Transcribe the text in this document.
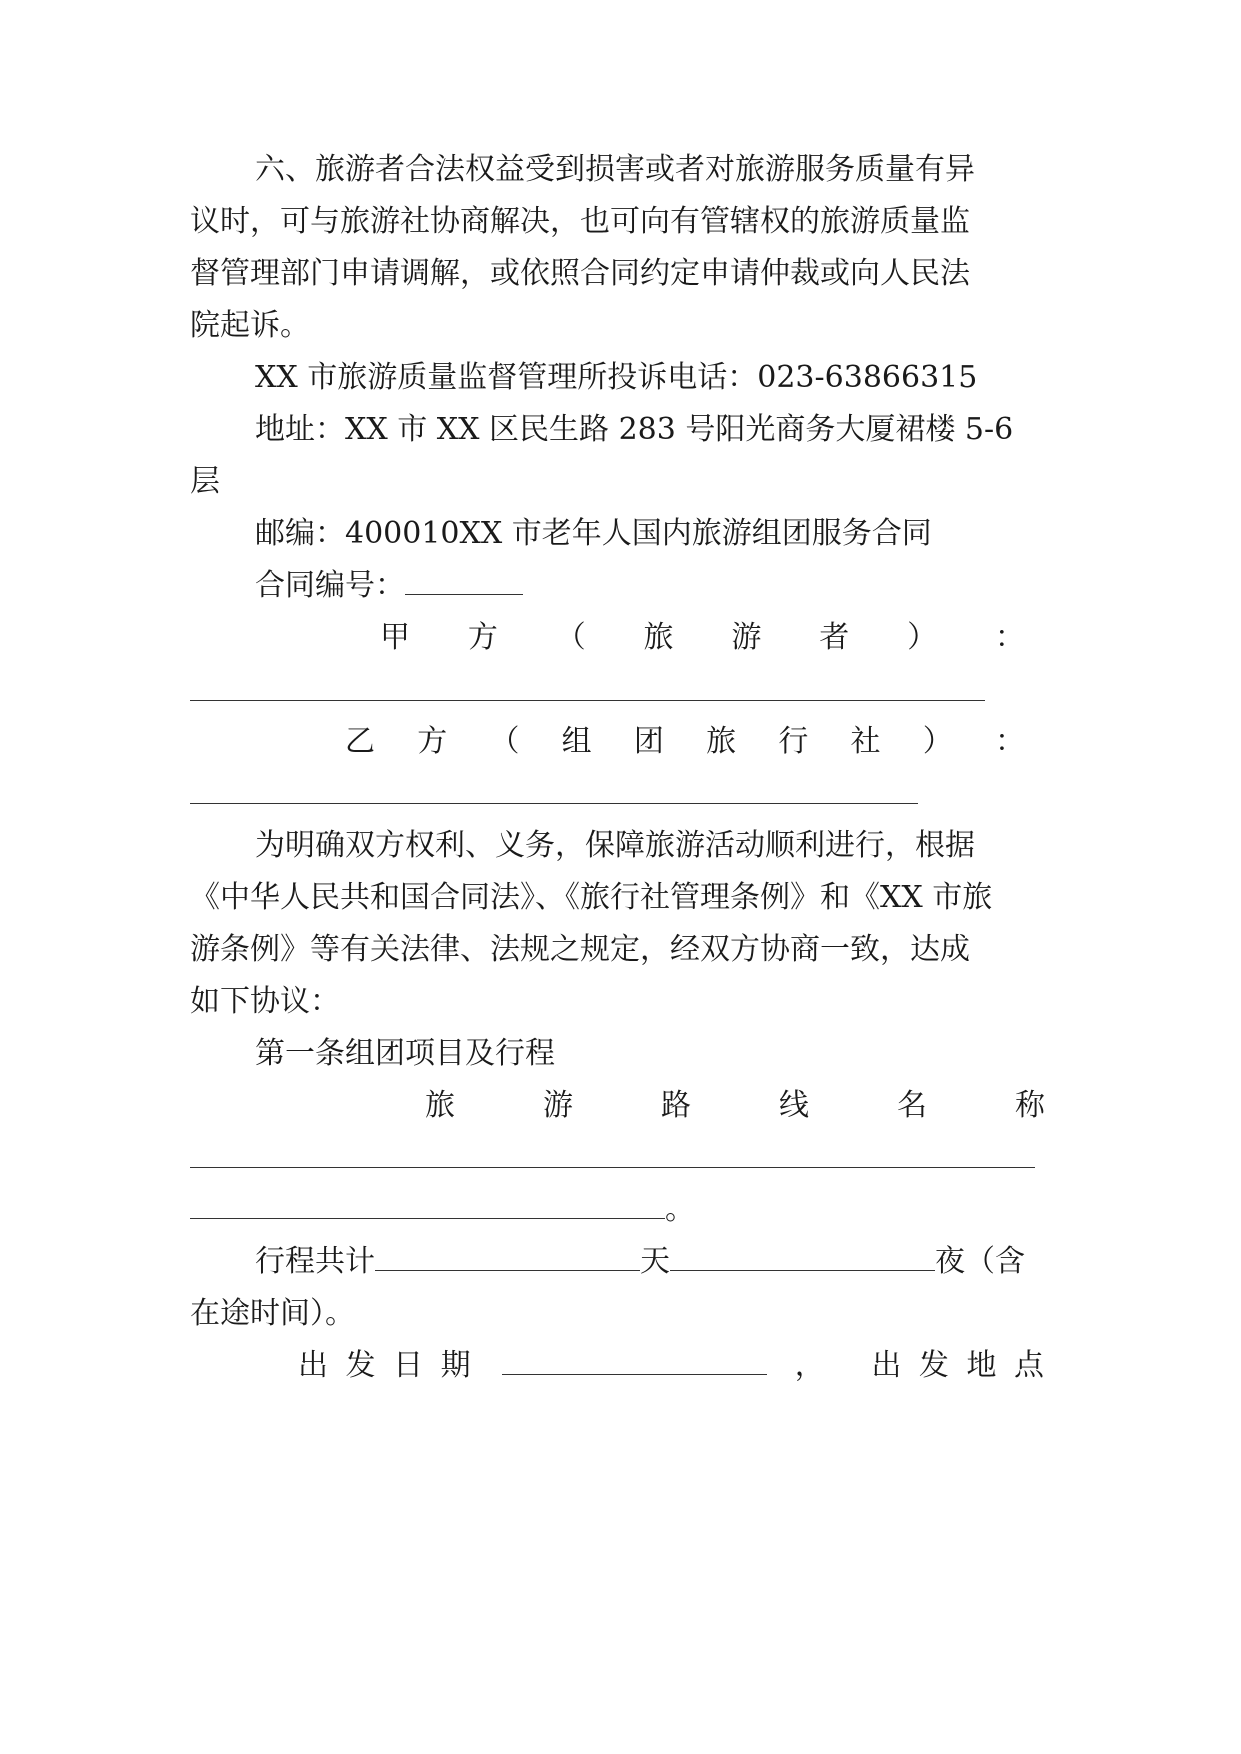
六、旅游者合法权益受到损害或者对旅游服务质量有异
议时，可与旅游社协商解决，也可向有管辖权的旅游质量监
督管理部门申请调解，或依照合同约定申请仲裁或向人民法
院起诉。
XX 市旅游质量监督管理所投诉电话：023-63866315
地址：XX 市 XX 区民生路 283 号阳光商务大厦裙楼 5-6
层
邮编：400010XX 市老年人国内旅游组团服务合同
合同编号：
甲 方 （ 旅 游 者 ） ：
乙 方 （ 组 团 旅 行 社 ） ：
为明确双方权利、义务，保障旅游活动顺利进行，根据
《中华人民共和国合同法》、《旅行社管理条例》和《XX 市旅
游条例》等有关法律、法规之规定，经双方协商一致，达成
如下协议：
第一条组团项目及行程
旅	游	路	线	名	称
。
行程共计	天	夜（含
在途时间）。
出 发 日 期	， 出 发 地 点
